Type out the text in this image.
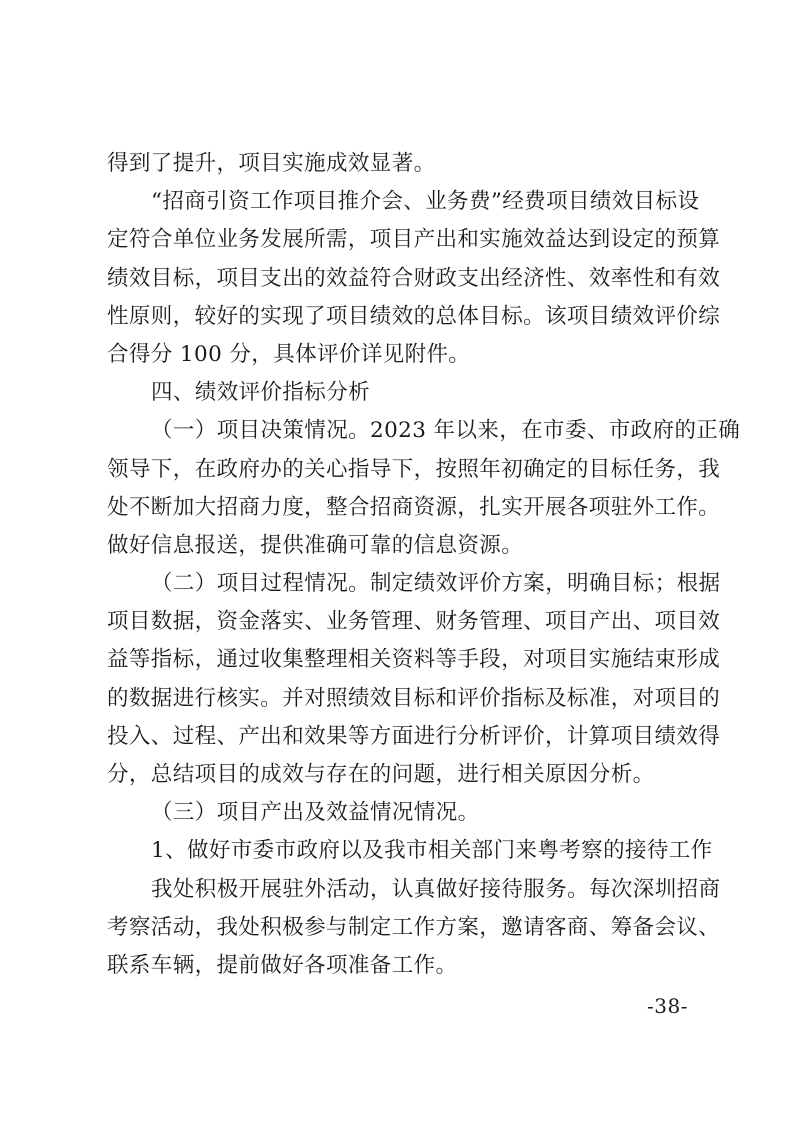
得到了提升，项目实施成效显著。
“招商引资工作项目推介会、业务费”经费项目绩效目标设
定符合单位业务发展所需，项目产出和实施效益达到设定的预算
绩效目标，项目支出的效益符合财政支出经济性、效率性和有效
性原则，较好的实现了项目绩效的总体目标。该项目绩效评价综
合得分 100 分，具体评价详见附件。
四、绩效评价指标分析
（一）项目决策情况。2023 年以来，在市委、市政府的正确
领导下，在政府办的关心指导下，按照年初确定的目标任务，我
处不断加大招商力度，整合招商资源，扎实开展各项驻外工作。
做好信息报送，提供准确可靠的信息资源。
（二）项目过程情况。制定绩效评价方案，明确目标；根据
项目数据，资金落实、业务管理、财务管理、项目产出、项目效
益等指标，通过收集整理相关资料等手段，对项目实施结束形成
的数据进行核实。并对照绩效目标和评价指标及标准，对项目的
投入、过程、产出和效果等方面进行分析评价，计算项目绩效得
分，总结项目的成效与存在的问题，进行相关原因分析。
（三）项目产出及效益情况情况。
1、做好市委市政府以及我市相关部门来粤考察的接待工作
我处积极开展驻外活动，认真做好接待服务。每次深圳招商
考察活动，我处积极参与制定工作方案，邀请客商、筹备会议、
联系车辆，提前做好各项准备工作。
-38-
